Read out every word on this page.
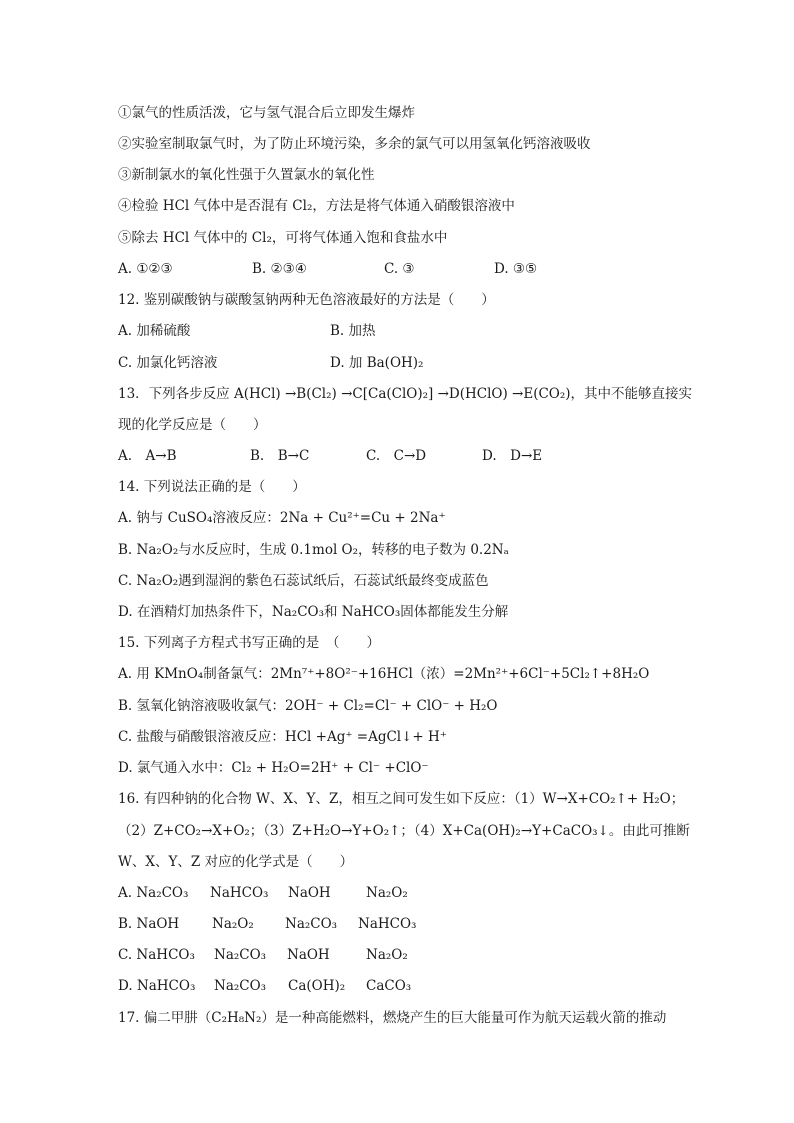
①氯气的性质活泼，它与氢气混合后立即发生爆炸
②实验室制取氯气时，为了防止环境污染，多余的氯气可以用氢氧化钙溶液吸收
③新制氯水的氧化性强于久置氯水的氧化性
④检验 HCl 气体中是否混有 Cl₂，方法是将气体通入硝酸银溶液中
⑤除去 HCl 气体中的 Cl₂，可将气体通入饱和食盐水中
A. ①②③	B. ②③④	C. ③	D. ③⑤
12. 鉴别碳酸钠与碳酸氢钠两种无色溶液最好的方法是（　　）
A. 加稀硫酸	B. 加热
C. 加氯化钙溶液	D. 加 Ba(OH)₂
13．下列各步反应 A(HCl) →B(Cl₂) →C[Ca(ClO)₂] →D(HClO) →E(CO₂)，其中不能够直接实
现的化学反应是（　　）
A.　A→B	B.　B→C	C.　C→D	D.　D→E
14. 下列说法正确的是（　　）
A. 钠与 CuSO₄溶液反应：2Na + Cu²⁺=Cu + 2Na⁺
B. Na₂O₂与水反应时，生成 0.1mol O₂，转移的电子数为 0.2Nₐ
C. Na₂O₂遇到湿润的紫色石蕊试纸后，石蕊试纸最终变成蓝色
D. 在酒精灯加热条件下，Na₂CO₃和 NaHCO₃固体都能发生分解
15. 下列离子方程式书写正确的是　（　　）
A. 用 KMnO₄制备氯气：2Mn⁷⁺+8O²⁻+16HCl（浓）=2Mn²⁺+6Cl⁻+5Cl₂↑+8H₂O
B. 氢氧化钠溶液吸收氯气：2OH⁻ + Cl₂=Cl⁻ + ClO⁻ + H₂O
C. 盐酸与硝酸银溶液反应：HCl +Ag⁺ =AgCl↓+ H⁺
D. 氯气通入水中：Cl₂ + H₂O=2H⁺ + Cl⁻ +ClO⁻
16. 有四种钠的化合物 W、X、Y、Z，相互之间可发生如下反应：（1）W→X+CO₂↑+ H₂O；
（2）Z+CO₂→X+O₂；（3）Z+H₂O→Y+O₂↑；（4）X+Ca(OH)₂→Y+CaCO₃↓。由此可推断
W、X、Y、Z 对应的化学式是（　　）
A. Na₂CO₃ NaHCO₃ NaOH	Na₂O₂
B. NaOH Na₂O₂ Na₂CO₃ NaHCO₃
C. NaHCO₃ Na₂CO₃ NaOH	Na₂O₂
D. NaHCO₃ Na₂CO₃ Ca(OH)₂ CaCO₃
17. 偏二甲肼（C₂H₈N₂）是一种高能燃料，燃烧产生的巨大能量可作为航天运载火箭的推动
